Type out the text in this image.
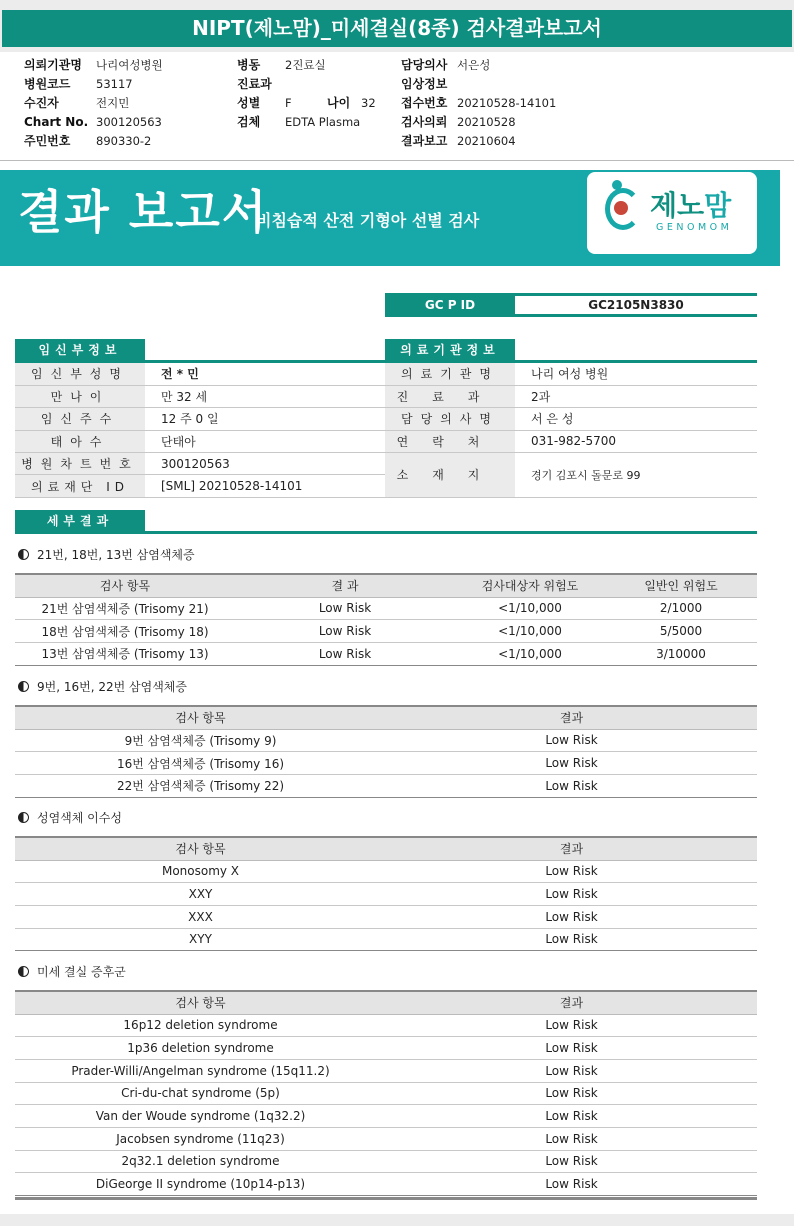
NIPT(제노맘)_미세결실(8종) 검사결과보고서
의뢰기관명 나리여성병원
병원코드 53117
수진자	전지민
Chart No. 300120563
주민번호 890330-2
병동 2진료실
진료과
성별 F	나이 32
검체 EDTA Plasma
담당의사 서은성
임상정보
접수번호 20210528-14101
검사의뢰 20210528
결과보고 20210604
결과 보고서
비침습적 산전 기형아 선별 검사	제노맘
GENOMOM
GC P ID	GC2105N3830
임신부정보
임신부성명	전 * 민
만나이	만 32 세
임신주수	12 주 0 일
태아수	단태아
병원차트번호	300120563
의료재단 ID	[SML] 20210528-14101
의료기관정보
의료기관명	나리 여성 병원
진료과	2과
담당의사명	서 은 성
연락처	031-982-5700
소재지	경기 김포시 돌문로 99
세부결과
21번, 18번, 13번 삼염색체증
검사 항목	결 과	검사대상자 위험도	일반인 위험도
21번 삼염색체증 (Trisomy 21)	Low Risk	<1/10,000	2/1000
18번 삼염색체증 (Trisomy 18)	Low Risk	<1/10,000	5/5000
13번 삼염색체증 (Trisomy 13)	Low Risk	<1/10,000	3/10000
9번, 16번, 22번 삼염색체증
검사 항목	결과
9번 삼염색체증 (Trisomy 9)	Low Risk
16번 삼염색체증 (Trisomy 16)	Low Risk
22번 삼염색체증 (Trisomy 22)	Low Risk
성염색체 이수성
검사 항목	결과
Monosomy X	Low Risk
XXY	Low Risk
XXX	Low Risk
XYY	Low Risk
미세 결실 증후군
검사 항목	결과
16p12 deletion syndrome	Low Risk
1p36 deletion syndrome	Low Risk
Prader-Willi/Angelman syndrome (15q11.2)	Low Risk
Cri-du-chat syndrome (5p)	Low Risk
Van der Woude syndrome (1q32.2)	Low Risk
Jacobsen syndrome (11q23)	Low Risk
2q32.1 deletion syndrome	Low Risk
DiGeorge II syndrome (10p14-p13)	Low Risk
